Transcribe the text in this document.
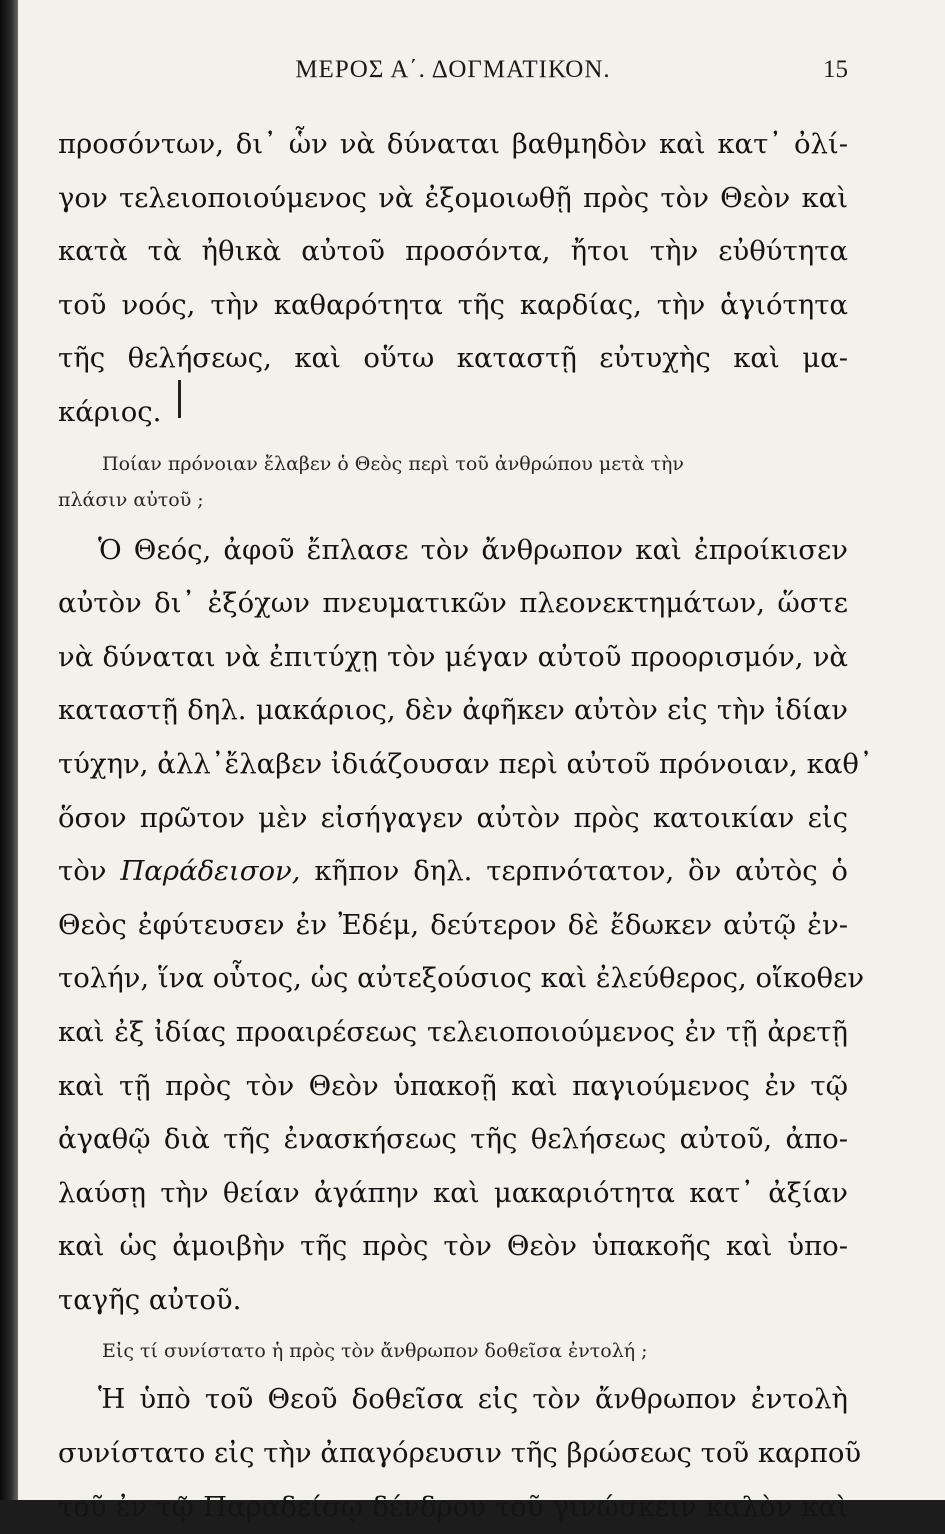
ΜΕΡΟΣ Α΄. ΔΟΓΜΑΤΙΚΟΝ.	15
προσόντων, δι᾽ ὧν νὰ δύναται βαθμηδὸν καὶ κατ᾽ ὀλί-
γον τελειοποιούμενος νὰ ἐξομοιωθῇ πρὸς τὸν Θεὸν καὶ
κατὰ τὰ ἠθικὰ αὐτοῦ προσόντα, ἤτοι τὴν εὐθύτητα
τοῦ νοός, τὴν καθαρότητα τῆς καρδίας, τὴν ἁγιότητα
τῆς θελήσεως, καὶ οὕτω καταστῇ εὐτυχὴς καὶ μα-
κάριος.
Ποίαν πρόνοιαν ἔλαβεν ὁ Θεὸς περὶ τοῦ ἀνθρώπου μετὰ τὴν
πλάσιν αὐτοῦ ;
Ὁ Θεός, ἀφοῦ ἔπλασε τὸν ἄνθρωπον καὶ ἐπροίκισεν
αὐτὸν δι᾽ ἐξόχων πνευματικῶν πλεονεκτημάτων, ὥστε
νὰ δύναται νὰ ἐπιτύχῃ τὸν μέγαν αὐτοῦ προορισμόν, νὰ
καταστῇ δηλ. μακάριος, δὲν ἀφῆκεν αὐτὸν εἰς τὴν ἰδίαν
τύχην, ἀλλ᾽ἔλαβεν ἰδιάζουσαν περὶ αὐτοῦ πρόνοιαν, καθ᾽
ὅσον πρῶτον μὲν εἰσήγαγεν αὐτὸν πρὸς κατοικίαν εἰς
τὸν Παράδεισον, κῆπον δηλ. τερπνότατον, ὃν αὐτὸς ὁ
Θεὸς ἐφύτευσεν ἐν Ἐδέμ, δεύτερον δὲ ἔδωκεν αὐτῷ ἐν-
τολήν, ἵνα οὗτος, ὡς αὐτεξούσιος καὶ ἐλεύθερος, οἴκοθεν
καὶ ἐξ ἰδίας προαιρέσεως τελειοποιούμενος ἐν τῇ ἀρετῇ
καὶ τῇ πρὸς τὸν Θεὸν ὑπακοῇ καὶ παγιούμενος ἐν τῷ
ἀγαθῷ διὰ τῆς ἐνασκήσεως τῆς θελήσεως αὐτοῦ, ἀπο-
λαύσῃ τὴν θείαν ἀγάπην καὶ μακαριότητα κατ᾽ ἀξίαν
καὶ ὡς ἀμοιβὴν τῆς πρὸς τὸν Θεὸν ὑπακοῆς καὶ ὑπο-
ταγῆς αὐτοῦ.
Εἰς τί συνίστατο ἡ πρὸς τὸν ἄνθρωπον δοθεῖσα ἐντολή ;
Ἡ ὑπὸ τοῦ Θεοῦ δοθεῖσα εἰς τὸν ἄνθρωπον ἐντολὴ
συνίστατο εἰς τὴν ἀπαγόρευσιν τῆς βρώσεως τοῦ καρποῦ
τοῦ ἐν τῷ Παραδείσῳ δένδρου τοῦ γινώσκειν καλὸν καὶ
